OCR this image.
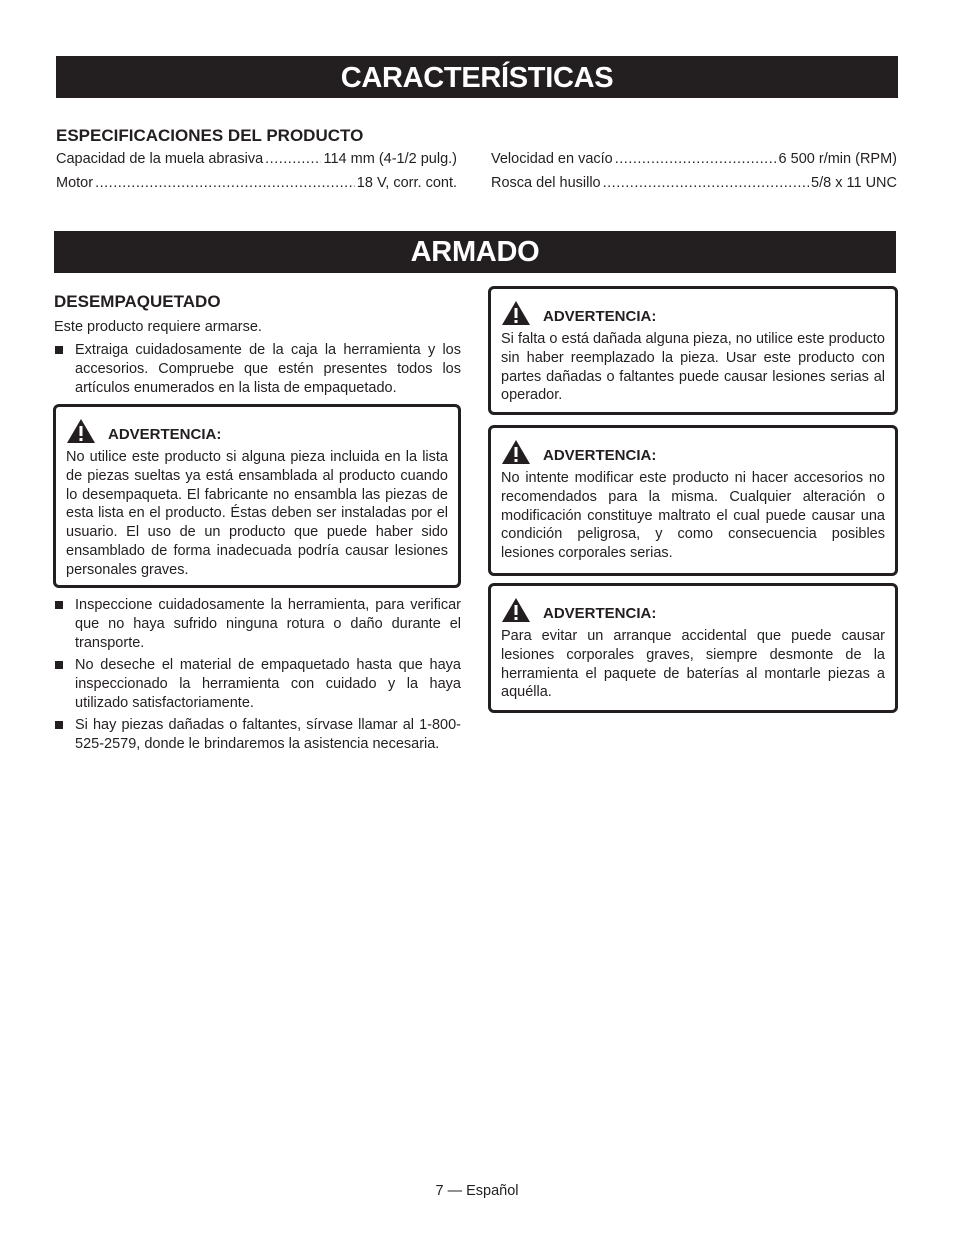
CARACTERÍSTICAS
ESPECIFICACIONES DEL PRODUCTO
Capacidad de la muela abrasiva .....	114 mm (4-1/2 pulg.)
Motor .....	18 V, corr. cont.
Velocidad en vacío .....	6 500 r/min (RPM)
Rosca del husillo .....	5/8 x 11 UNC
ARMADO
DESEMPAQUETADO
Este producto requiere armarse.
Extraiga cuidadosamente de la caja la herramienta y los accesorios. Compruebe que estén presentes todos los artículos enumerados en la lista de empaquetado.
ADVERTENCIA:
No utilice este producto si alguna pieza incluida en la lista de piezas sueltas ya está ensamblada al producto cuando lo desempaqueta. El fabricante no ensambla las piezas de esta lista en el producto. Éstas deben ser instaladas por el usuario. El uso de un producto que puede haber sido ensamblado de forma inadecuada podría causar lesiones personales graves.
Inspeccione cuidadosamente la herramienta, para verificar que no haya sufrido ninguna rotura o daño durante el transporte.
No deseche el material de empaquetado hasta que haya inspeccionado la herramienta con cuidado y la haya utilizado satisfactoriamente.
Si hay piezas dañadas o faltantes, sírvase llamar al 1-800-525-2579, donde le brindaremos la asistencia necesaria.
ADVERTENCIA:
Si falta o está dañada alguna pieza, no utilice este producto sin haber reemplazado la pieza. Usar este producto con partes dañadas o faltantes puede causar lesiones serias al operador.
ADVERTENCIA:
No intente modificar este producto ni hacer accesorios no recomendados para la misma. Cualquier alteración o modificación constituye maltrato el cual puede causar una condición peligrosa, y como consecuencia posibles lesiones corporales serias.
ADVERTENCIA:
Para evitar un arranque accidental que puede causar lesiones corporales graves, siempre desmonte de la herramienta el paquete de baterías al montarle piezas a aquélla.
7 — Español
